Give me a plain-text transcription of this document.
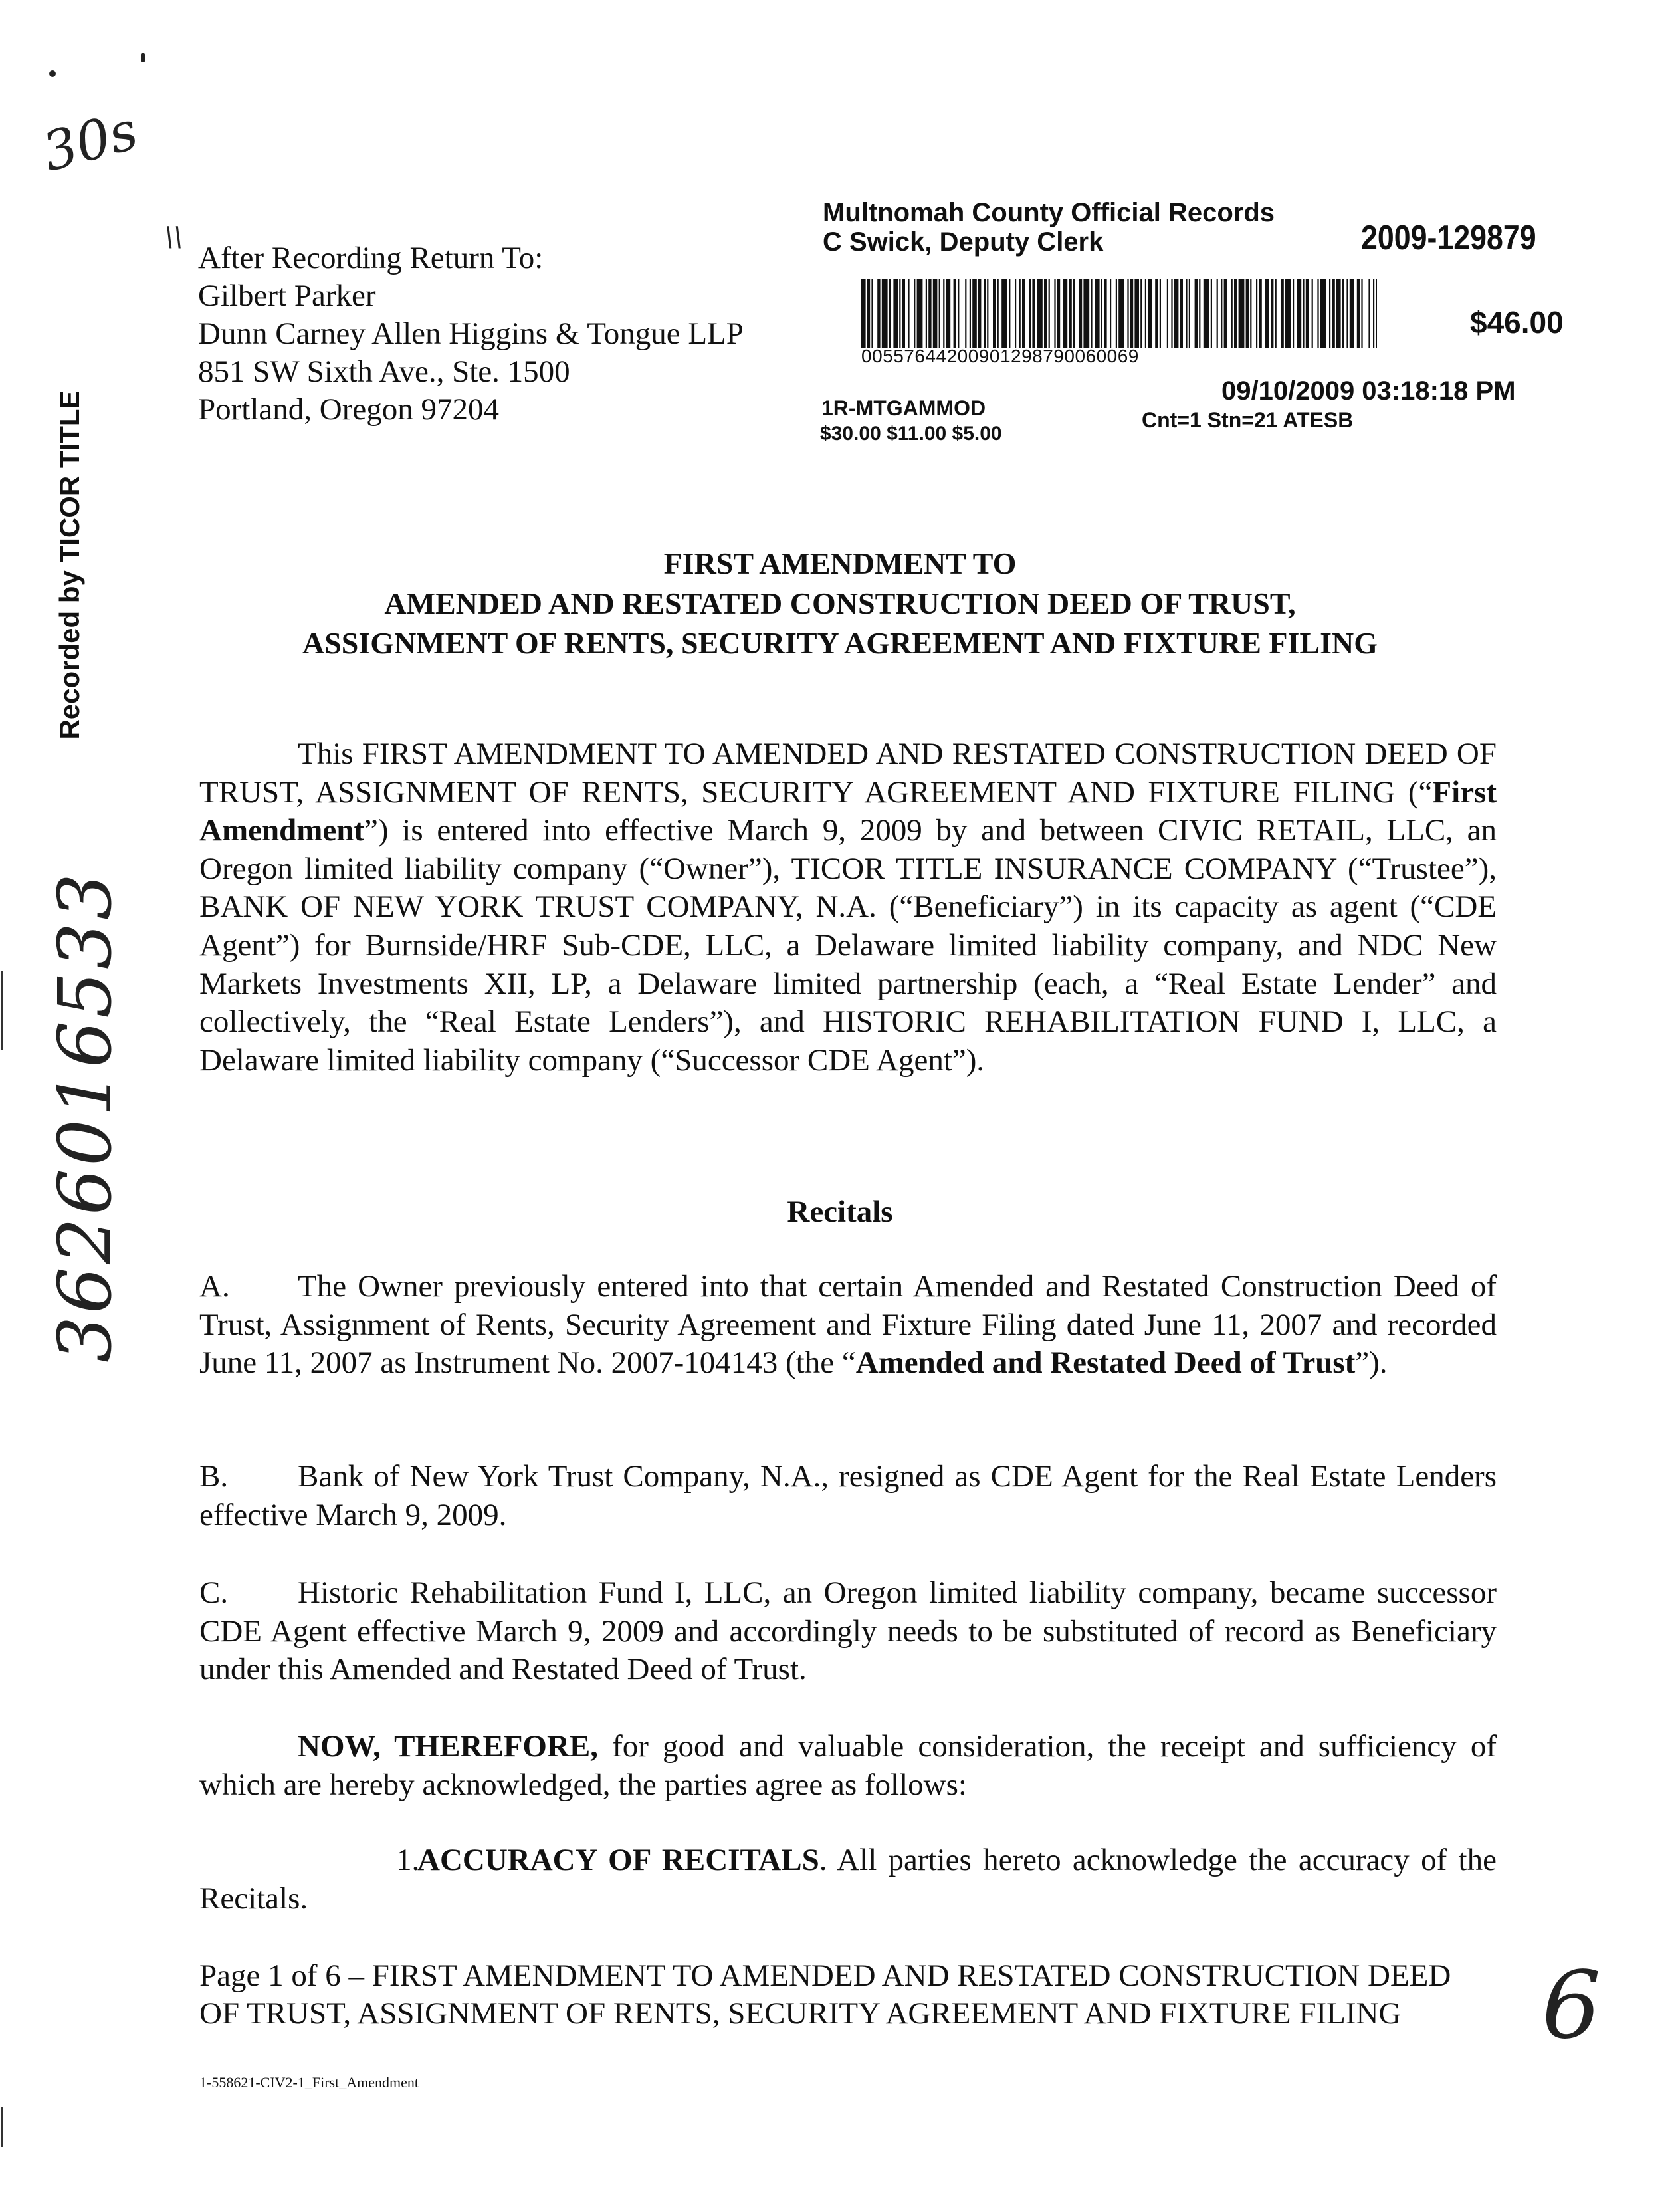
30s
\\
3626016533
6
Recorded by TICOR TITLE
After Recording Return To:
Gilbert Parker
Dunn Carney Allen Higgins & Tongue LLP
851 SW Sixth Ave., Ste. 1500
Portland, Oregon 97204
Multnomah County Official Records
C Swick, Deputy Clerk	2009-129879
00557644200901298790060069
$46.00
09/10/2009 03:18:18 PM
1R-MTGAMMOD
$30.00 $11.00 $5.00
Cnt=1 Stn=21 ATESB
FIRST AMENDMENT TO
AMENDED AND RESTATED CONSTRUCTION DEED OF TRUST,
ASSIGNMENT OF RENTS, SECURITY AGREEMENT AND FIXTURE FILING
This FIRST AMENDMENT TO AMENDED AND RESTATED CONSTRUCTION DEED OF TRUST, ASSIGNMENT OF RENTS, SECURITY AGREEMENT AND FIXTURE FILING (“First Amendment”) is entered into effective March 9, 2009 by and between CIVIC RETAIL, LLC, an Oregon limited liability company (“Owner”), TICOR TITLE INSURANCE COMPANY (“Trustee”), BANK OF NEW YORK TRUST COMPANY, N.A. (“Beneficiary”) in its capacity as agent (“CDE Agent”) for Burnside/HRF Sub-CDE, LLC, a Delaware limited liability company, and NDC New Markets Investments XII, LP, a Delaware limited partnership (each, a “Real Estate Lender” and collectively, the “Real Estate Lenders”), and HISTORIC REHABILITATION FUND I, LLC, a Delaware limited liability company (“Successor CDE Agent”).
Recitals
A. The Owner previously entered into that certain Amended and Restated Construction Deed of Trust, Assignment of Rents, Security Agreement and Fixture Filing dated June 11, 2007 and recorded June 11, 2007 as Instrument No. 2007-104143 (the “Amended and Restated Deed of Trust”).
B. Bank of New York Trust Company, N.A., resigned as CDE Agent for the Real Estate Lenders effective March 9, 2009.
C. Historic Rehabilitation Fund I, LLC, an Oregon limited liability company, became successor CDE Agent effective March 9, 2009 and accordingly needs to be substituted of record as Beneficiary under this Amended and Restated Deed of Trust.
NOW, THEREFORE, for good and valuable consideration, the receipt and sufficiency of which are hereby acknowledged, the parties agree as follows:
1.ACCURACY OF RECITALS. All parties hereto acknowledge the accuracy of the Recitals.
Page 1 of 6 – FIRST AMENDMENT TO AMENDED AND RESTATED CONSTRUCTION DEED OF TRUST, ASSIGNMENT OF RENTS, SECURITY AGREEMENT AND FIXTURE FILING
1-558621-CIV2-1_First_Amendment
